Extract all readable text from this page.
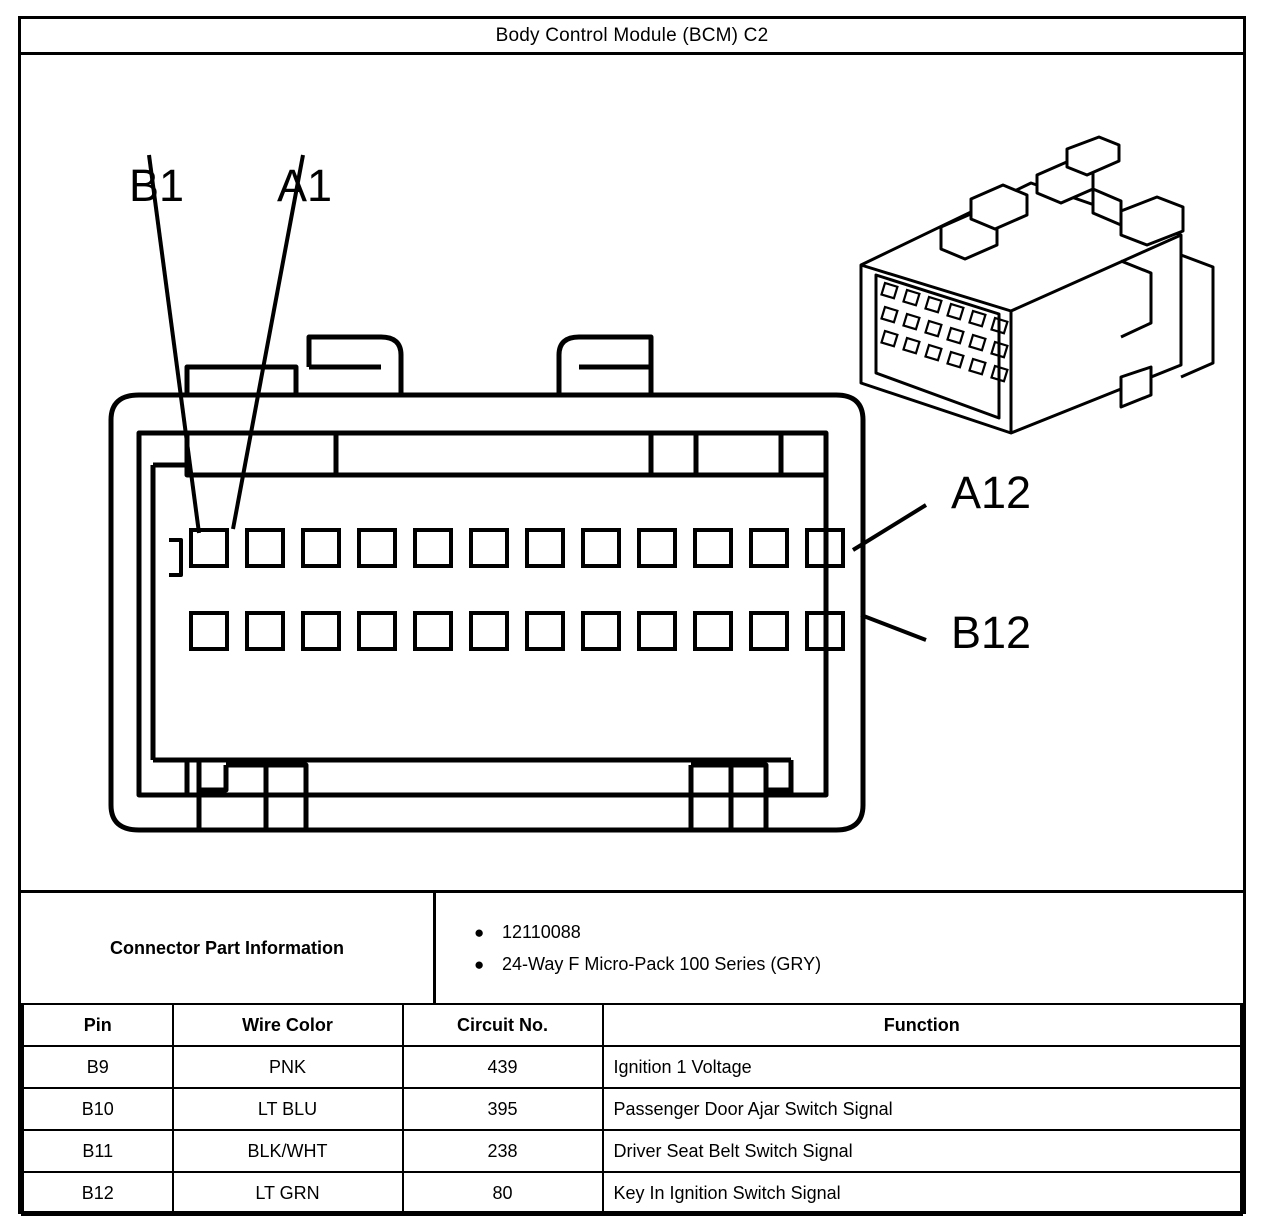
Body Control Module (BCM) C2
B1 A1
A12
B12
Connector Part Information
● 12110088
● 24-Way F Micro-Pack 100 Series (GRY)
Pin	Wire Color	Circuit No.	Function
B9	PNK	439	Ignition 1 Voltage
B10	LT BLU	395	Passenger Door Ajar Switch Signal
B11	BLK/WHT	238	Driver Seat Belt Switch Signal
B12	LT GRN	80	Key In Ignition Switch Signal
